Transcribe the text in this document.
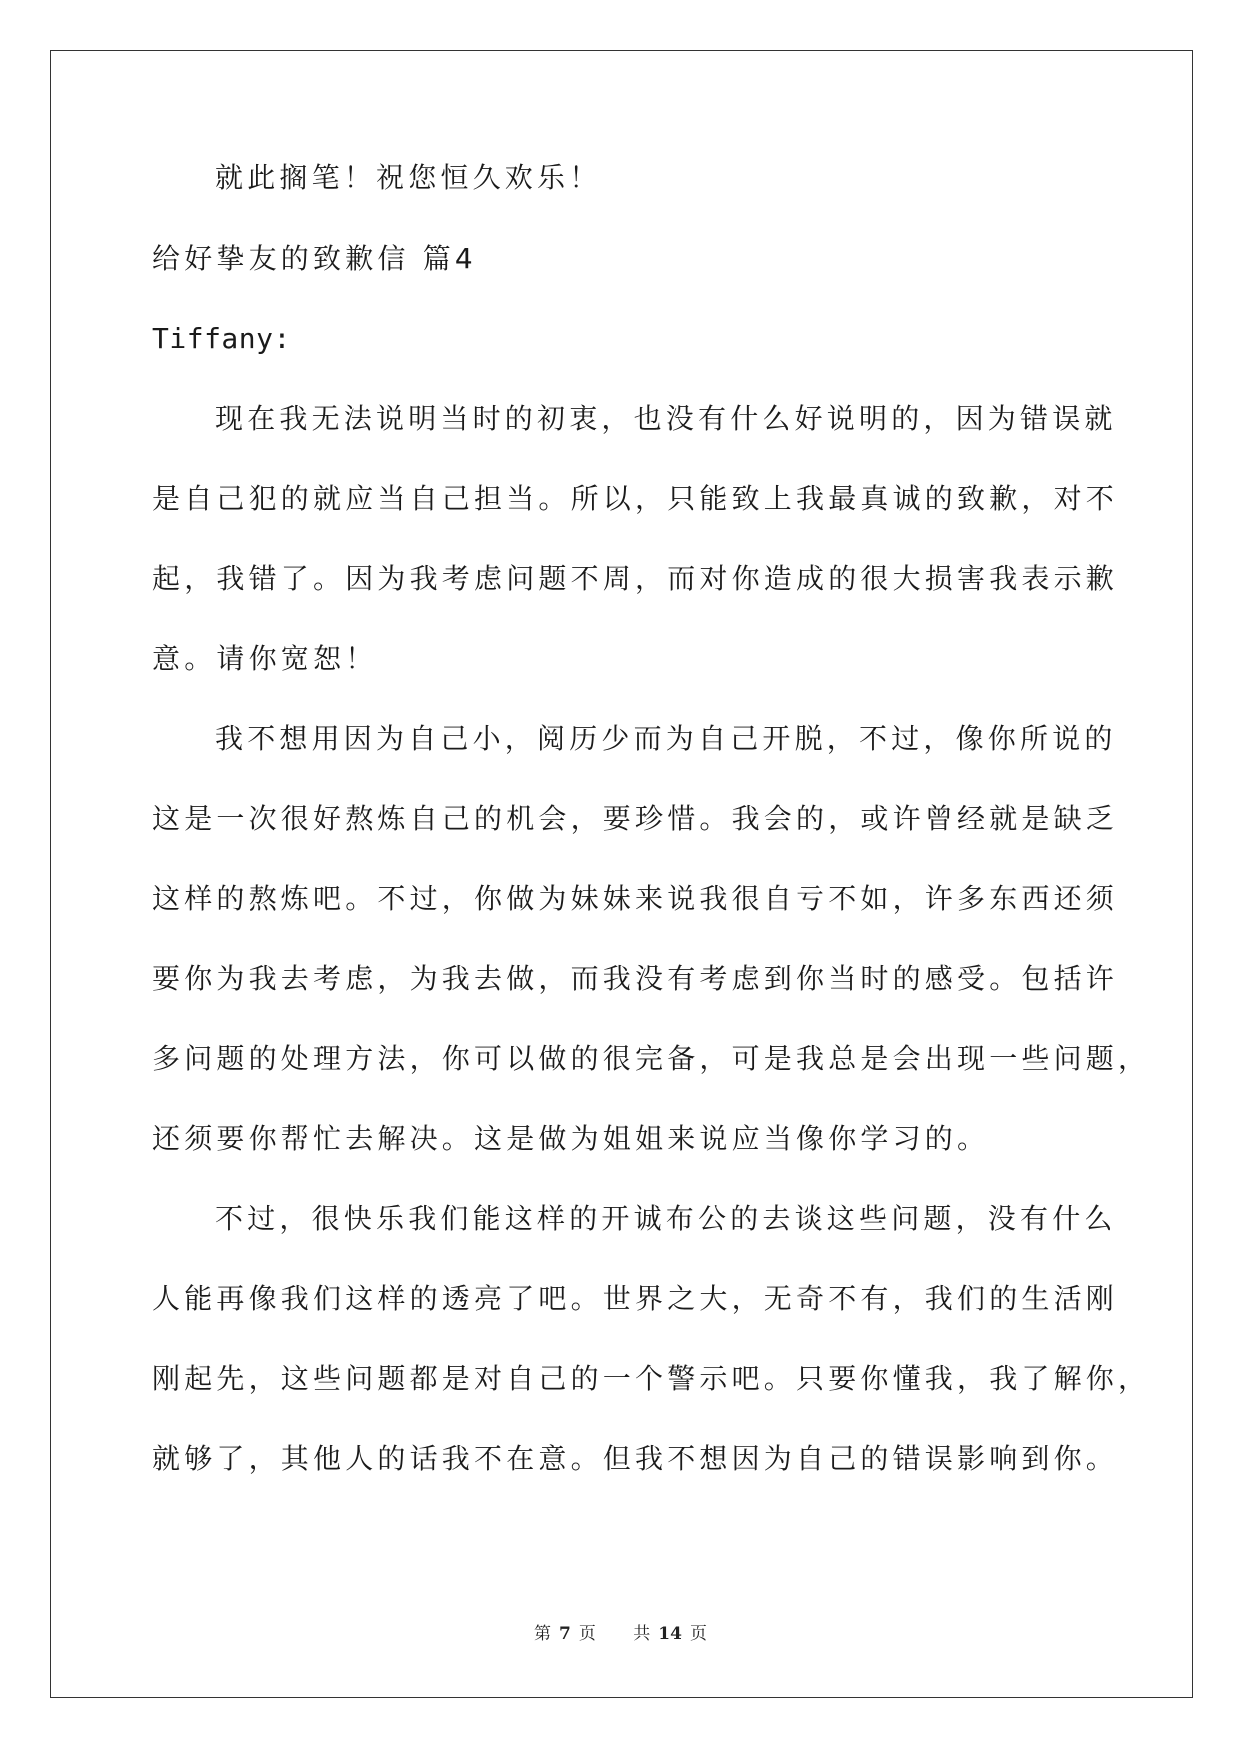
就此搁笔！祝您恒久欢乐！
给好挚友的致歉信 篇4
Tiffany:
现在我无法说明当时的初衷，也没有什么好说明的，因为错误就
是自己犯的就应当自己担当。所以，只能致上我最真诚的致歉，对不
起，我错了。因为我考虑问题不周，而对你造成的很大损害我表示歉
意。请你宽恕！
我不想用因为自己小，阅历少而为自己开脱，不过，像你所说的
这是一次很好熬炼自己的机会，要珍惜。我会的，或许曾经就是缺乏
这样的熬炼吧。不过，你做为妹妹来说我很自亏不如，许多东西还须
要你为我去考虑，为我去做，而我没有考虑到你当时的感受。包括许
多问题的处理方法，你可以做的很完备，可是我总是会出现一些问题，
还须要你帮忙去解决。这是做为姐姐来说应当像你学习的。
不过，很快乐我们能这样的开诚布公的去谈这些问题，没有什么
人能再像我们这样的透亮了吧。世界之大，无奇不有，我们的生活刚
刚起先，这些问题都是对自己的一个警示吧。只要你懂我，我了解你，
就够了，其他人的话我不在意。但我不想因为自己的错误影响到你。
第 7 页 共 14 页
